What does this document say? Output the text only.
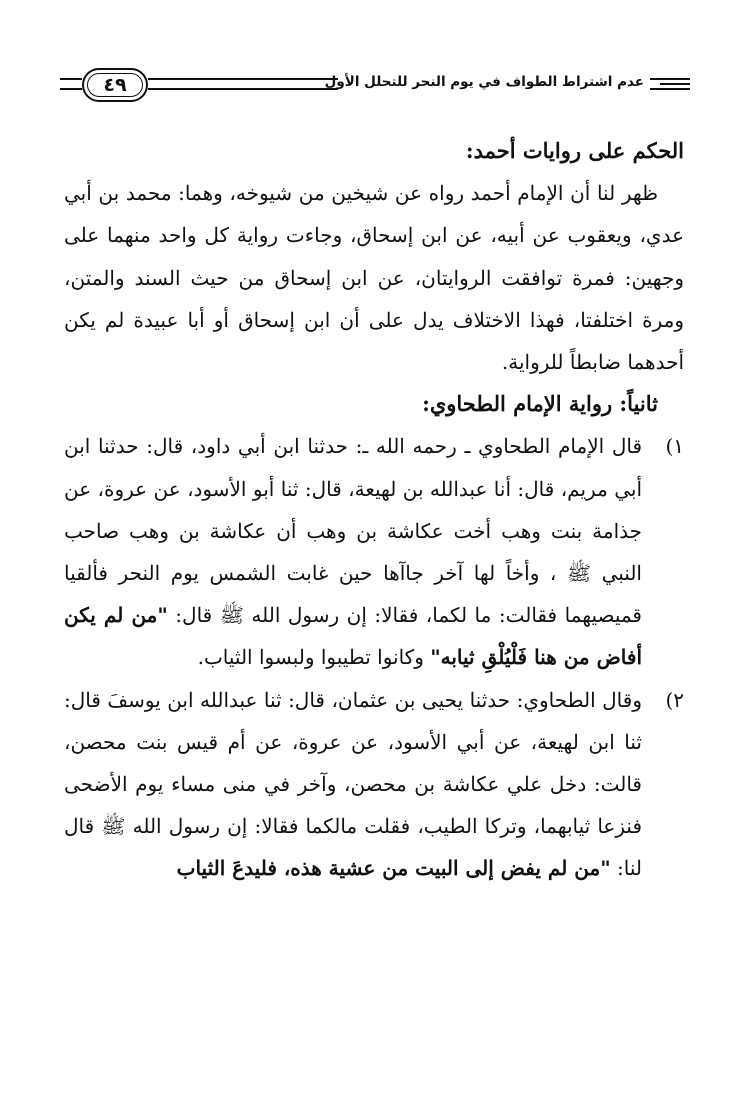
عدم اشتراط الطواف في يوم النحر للتحلل الأول
٤٩

الحكم على روايات أحمد:

ظهر لنا أن الإمام أحمد رواه عن شيخين من شيوخه، وهما: محمد بن أبي عدي، ويعقوب عن أبيه، عن ابن إسحاق، وجاءت رواية كل واحد منهما على وجهين: فمرة توافقت الروايتان، عن ابن إسحاق من حيث السند والمتن، ومرة اختلفتا، فهذا الاختلاف يدل على أن ابن إسحاق أو أبا عبيدة لم يكن أحدهما ضابطاً للرواية.

ثانياً: رواية الإمام الطحاوي:

١)
قال الإمام الطحاوي ـ رحمه الله ـ: حدثنا ابن أبي داود، قال: حدثنا ابن أبي مريم، قال: أنا عبدالله بن لهيعة، قال: ثنا أبو الأسود، عن عروة، عن جذامة بنت وهب أخت عكاشة بن وهب أن عكاشة بن وهب صاحب النبي ﷺ ، وأخاً لها آخر جاآها حين غابت الشمس يوم النحر فألقيا قميصيهما فقالت: ما لكما، فقالا: إن رسول الله ﷺ قال: "من لم يكن أفاض من هنا فَلْيُلْقِ ثيابه" وكانوا تطيبوا ولبسوا الثياب.

٢)
وقال الطحاوي: حدثنا يحيى بن عثمان، قال: ثنا عبدالله ابن يوسفَ قال: ثنا ابن لهيعة، عن أبي الأسود، عن عروة، عن أم قيس بنت محصن، قالت: دخل علي عكاشة بن محصن، وآخر في منى مساء يوم الأضحى فنزعا ثيابهما، وتركا الطيب، فقلت مالكما فقالا: إن رسول الله ﷺ قال لنا: "من لم يفض إلى البيت من عشية هذه، فليدعَ الثياب
